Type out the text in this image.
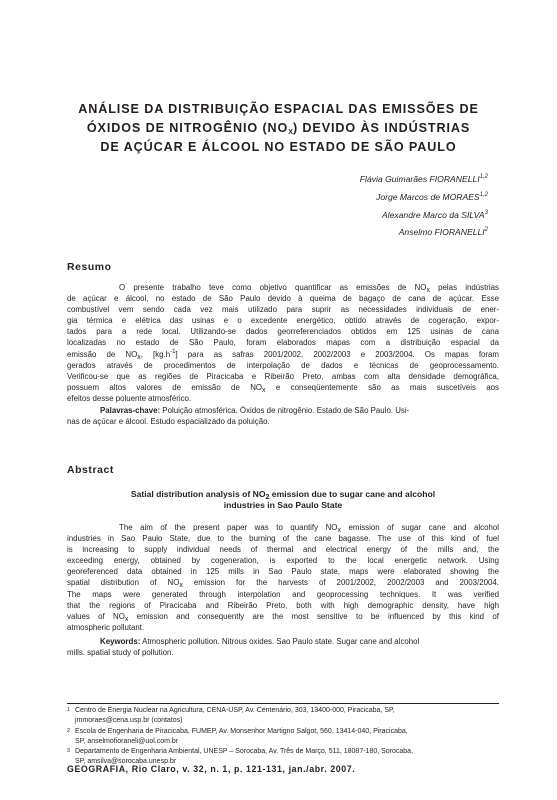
ANÁLISE DA DISTRIBUIÇÃO ESPACIAL DAS EMISSÕES DE
ÓXIDOS DE NITROGÊNIO $(NO_X)$ DEVIDO ÀS INDÚSTRIAS
DE AÇÚCAR E ÁLCOOL NO ESTADO DE SÃO PAULO
Flávia Guimarães FIORANELLI$^{1,2}$
Jorge Marcos de MORAES$^{1,2}$
Alexandre Marco da SILVA$^3$
Anselmo FIORANELLI$^2$
Resumo
O presente trabalho teve como objetivo quantificar as emissões de $NO_x$ pelas indústrias
de açúcar e álcool, no estado de São Paulo devido à queima de bagaço de cana de açúcar. Esse
combustível vem sendo cada vez mais utilizado para suprir as necessidades individuais de ener-
gia térmica e elétrica das usinas e o excedente energético, obtido através de cogeração, expor-
tados para a rede local. Utilizando-se dados georreferenciados obtidos em 125 usinas de cana
localizadas no estado de São Paulo, foram elaborados mapas com a distribuição espacial da
emissão de $NO_x$, $[kg.h^{-1}]$ para as safras 2001/2002, 2002/2003 e 2003/2004. Os mapas foram
gerados através de procedimentos de interpolação de dados e técnicas de geoprocessamento.
Verificou-se que as regiões de Piracicaba e Ribeirão Preto, ambas com alta densidade demográfica,
possuem altos valores de emissão de $NO_x$ e conseqüentemente são as mais suscetíveis aos
efeitos desse poluente atmosférico.
Palavras-chave: Poluição atmosférica. Óxidos de nitrogênio. Estado de São Paulo. Usi-
nas de açúcar e álcool. Estudo espacializado da poluição.
Abstract
Satial distribution analysis of $NO_2$ emission due to sugar cane and alcohol
industries in Sao Paulo State
The aim of the present paper was to quantify $NO_x$ emission of sugar cane and alcohol
industries in Sao Paulo State, due to the burning of the cane bagasse. The use of this kind of fuel
is increasing to supply individual needs of thermal and electrical energy of the mills and, the
exceeding energy, obtained by cogeneration, is exported to the local energetic network. Using
georeferenced data obtained in 125 mills in Sao Paulo state, maps were elaborated showing the
spatial distribution of $NO_x$ emission for the harvests of 2001/2002, 2002/2003 and 2003/2004.
The maps were generated through interpolation and geoprocessing techniques. It was verified
that the regions of Piracicaba and Ribeirão Preto, both with high demographic density, have high
values of $NO_x$ emission and consequently are the most sensitive to be influenced by this kind of
atmospheric pollutant.
Keywords: Atmospheric pollution. Nitrous oxides. Sao Paulo state. Sugar cane and alcohol
mills. spatial study of pollution.
1 Centro de Energia Nuclear na Agricultura, CENA-USP, Av. Centenário, 303, 13400-000, Piracicaba, SP,
jmmoraes@cena.usp.br (contatos)
2 Escola de Engenharia de Piracicaba, FUMEP, Av. Monsenhor Martigno Salgot, 560, 13414-040, Piracicaba,
SP, anselmofioraneli@uol.com.br
3 Departamento de Engenharia Ambiental, UNESP – Sorocaba, Av. Três de Março, 511, 18087-180, Sorocaba,
SP, amsilva@sorocaba.unesp.br
GEOGRAFIA, Rio Claro, v. 32, n. 1, p. 121-131, jan./abr. 2007.
